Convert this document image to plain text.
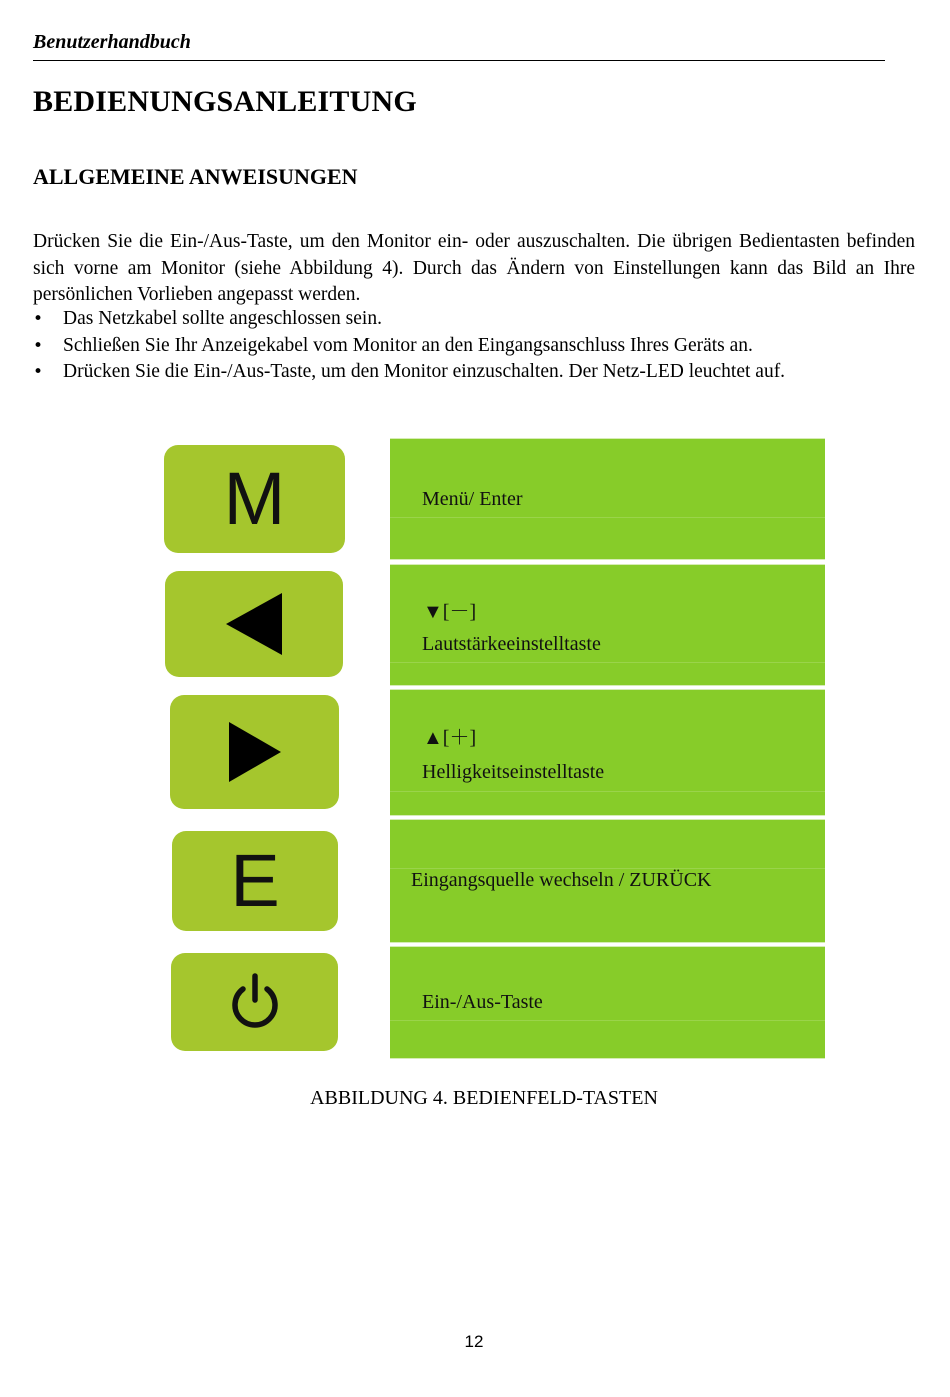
Benutzerhandbuch
BEDIENUNGSANLEITUNG
ALLGEMEINE ANWEISUNGEN
Drücken Sie die Ein-/Aus-Taste, um den Monitor ein- oder auszuschalten. Die übrigen Bedientasten befinden sich vorne am Monitor (siehe Abbildung 4). Durch das Ändern von Einstellungen kann das Bild an Ihre persönlichen Vorlieben angepasst werden.
• Das Netzkabel sollte angeschlossen sein.
• Schließen Sie Ihr Anzeigekabel vom Monitor an den Eingangsanschluss Ihres Geräts an.
• Drücken Sie die Ein-/Aus-Taste, um den Monitor einzuschalten. Der Netz-LED leuchtet auf.
M
E
Menü/ Enter
▼[－]
Lautstärkeeinstelltaste
▲[＋]
Helligkeitseinstelltaste
Eingangsquelle wechseln / ZURÜCK
Ein-/Aus-Taste
ABBILDUNG 4. BEDIENFELD-TASTEN
12
